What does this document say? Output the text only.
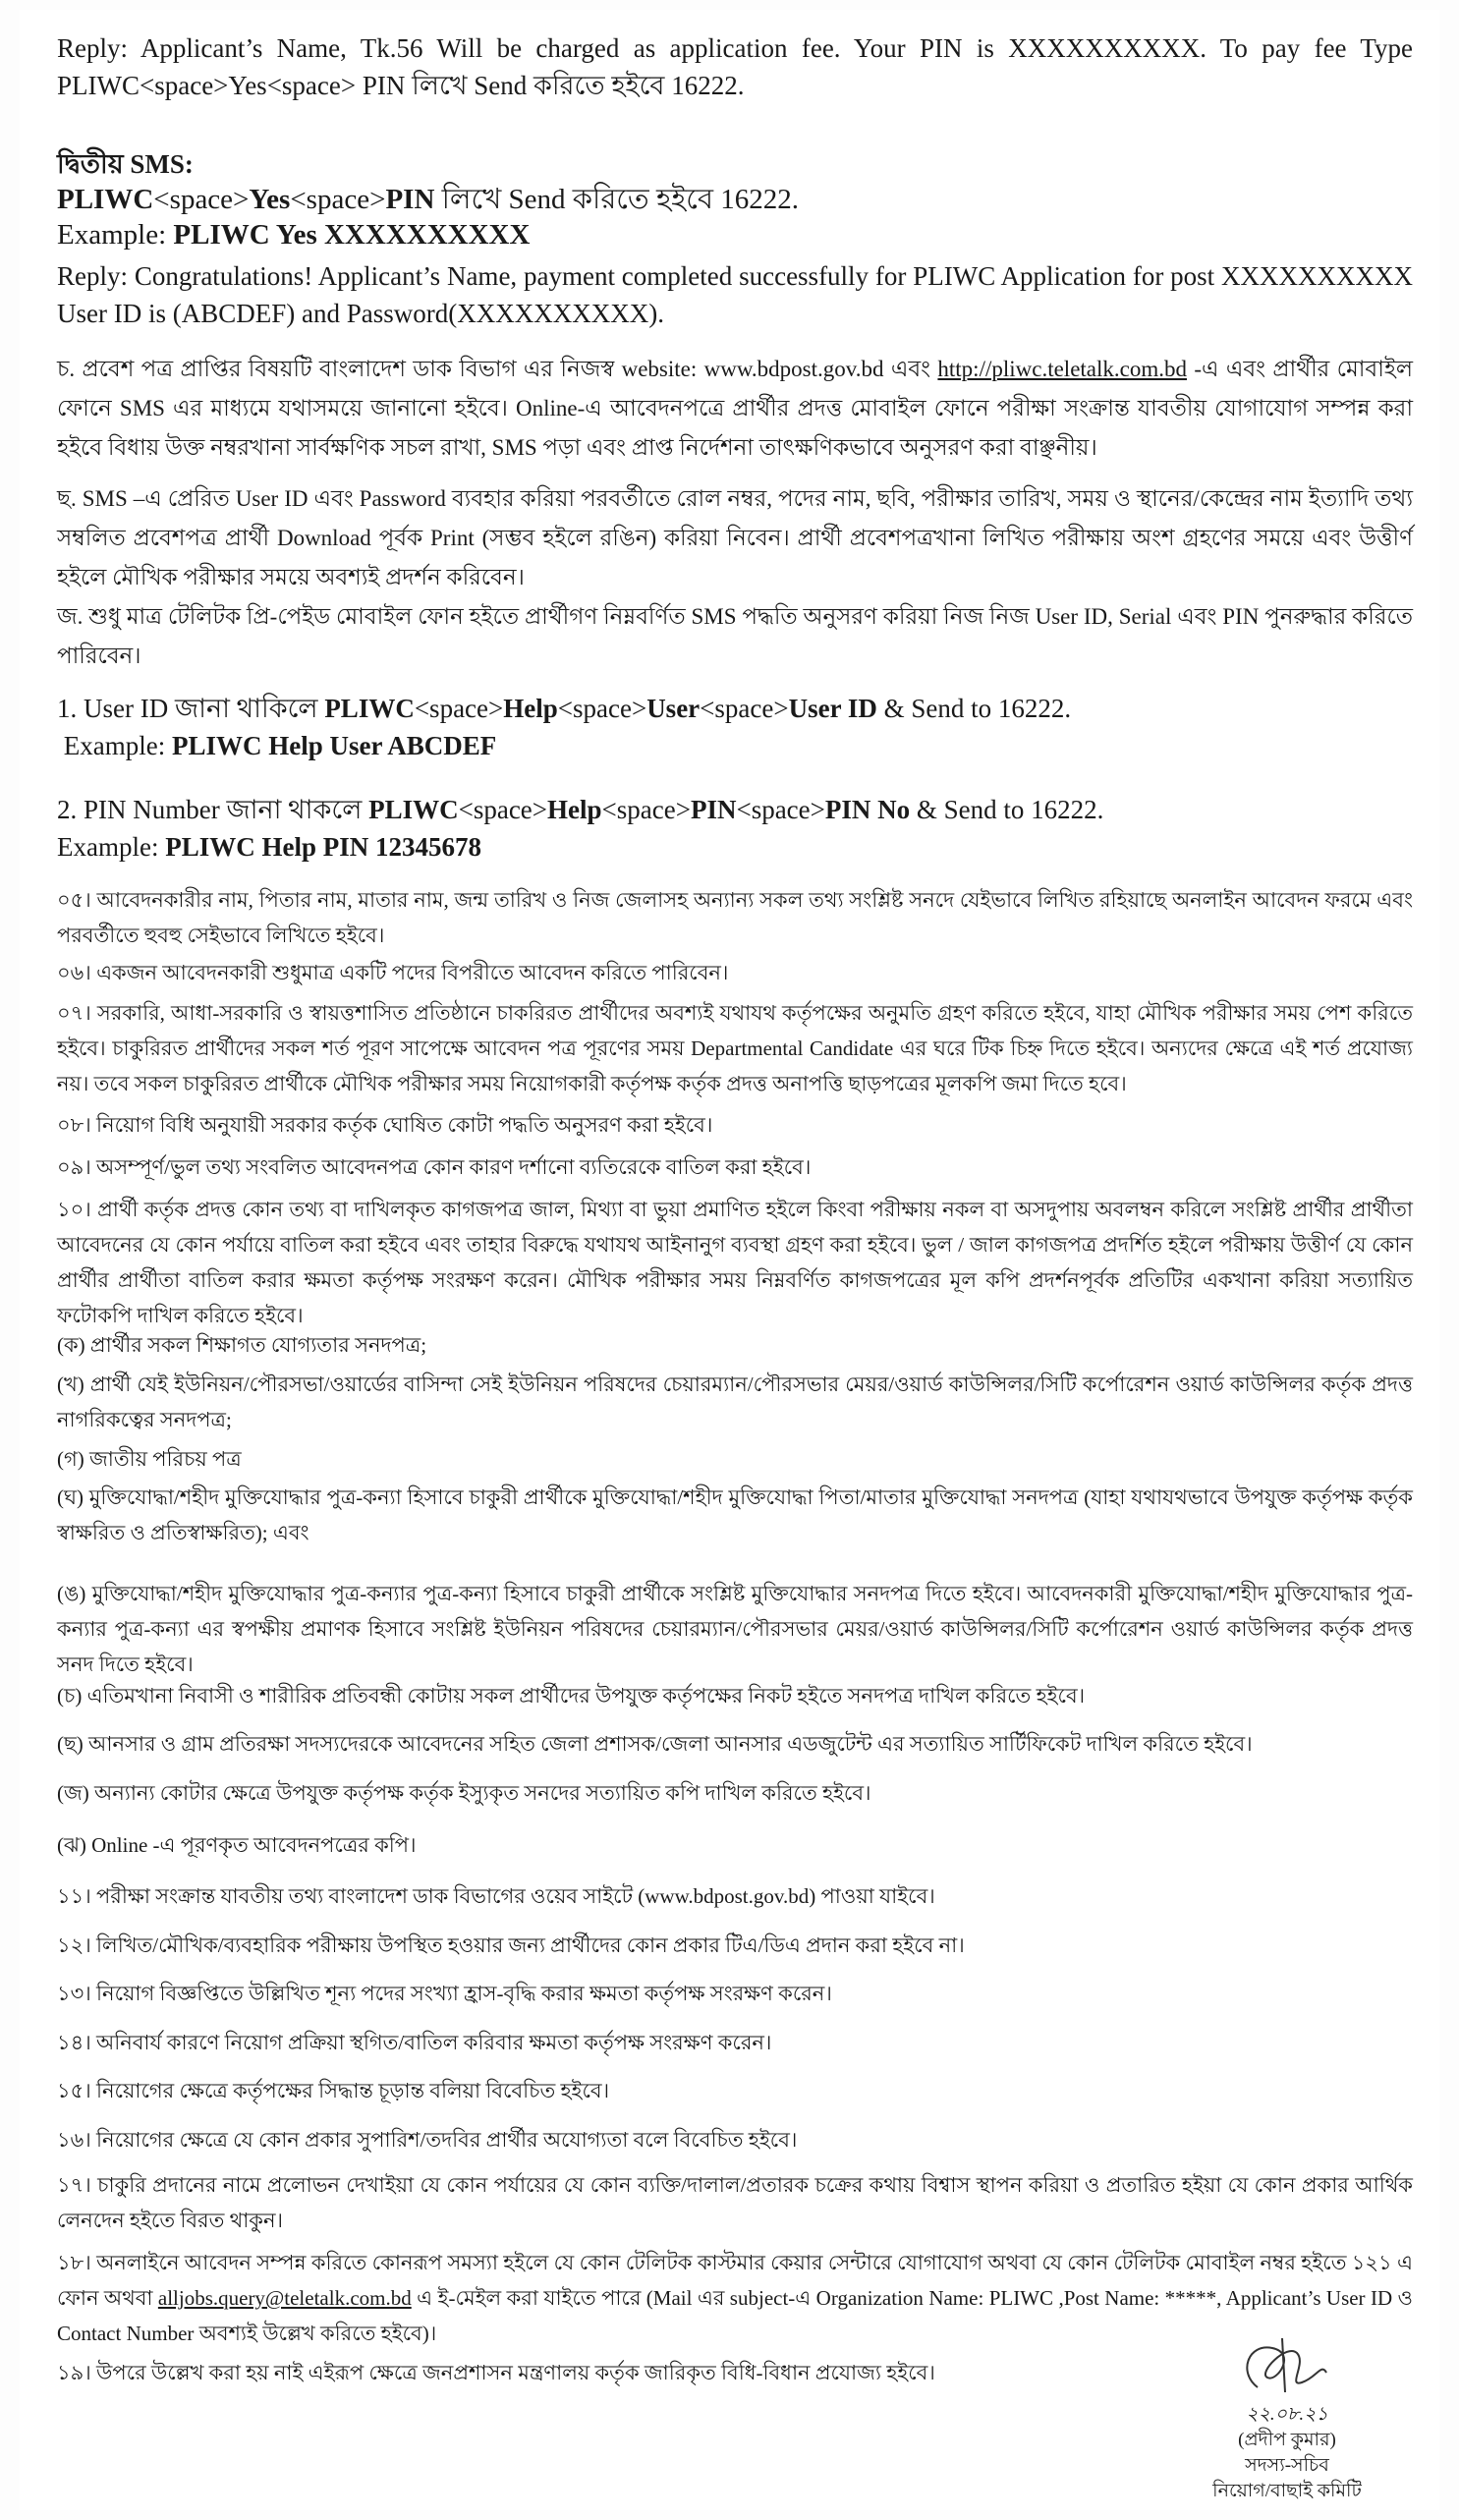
Reply: Applicant’s Name, Tk.56 Will be charged as application fee. Your PIN is XXXXXXXXXX. To pay fee Type PLIWC<space>Yes<space> PIN লিখে Send করিতে হইবে 16222.
দ্বিতীয় SMS:
PLIWC<space>Yes<space>PIN লিখে Send করিতে হইবে 16222.
Example: PLIWC Yes XXXXXXXXXX
Reply: Congratulations! Applicant’s Name, payment completed successfully for PLIWC Application for post XXXXXXXXXX User ID is (ABCDEF) and Password(XXXXXXXXXX).
চ. প্রবেশ পত্র প্রাপ্তির বিষয়টি বাংলাদেশ ডাক বিভাগ এর নিজস্ব website: www.bdpost.gov.bd এবং http://pliwc.teletalk.com.bd -এ এবং প্রার্থীর মোবাইল ফোনে SMS এর মাধ্যমে যথাসময়ে জানানো হইবে। Online-এ আবেদনপত্রে প্রার্থীর প্রদত্ত মোবাইল ফোনে পরীক্ষা সংক্রান্ত যাবতীয় যোগাযোগ সম্পন্ন করা হইবে বিধায় উক্ত নম্বরখানা সার্বক্ষণিক সচল রাখা, SMS পড়া এবং প্রাপ্ত নির্দেশনা তাৎক্ষণিকভাবে অনুসরণ করা বাঞ্ছনীয়।
ছ. SMS –এ প্রেরিত User ID এবং Password ব্যবহার করিয়া পরবর্তীতে রোল নম্বর, পদের নাম, ছবি, পরীক্ষার তারিখ, সময় ও স্থানের/কেন্দ্রের নাম ইত্যাদি তথ্য সম্বলিত প্রবেশপত্র প্রার্থী Download পূর্বক Print (সম্ভব হইলে রঙিন) করিয়া নিবেন। প্রার্থী প্রবেশপত্রখানা লিখিত পরীক্ষায় অংশ গ্রহণের সময়ে এবং উত্তীর্ণ হইলে মৌখিক পরীক্ষার সময়ে অবশ্যই প্রদর্শন করিবেন।
জ. শুধু মাত্র টেলিটক প্রি-পেইড মোবাইল ফোন হইতে প্রার্থীগণ নিম্নবর্ণিত SMS পদ্ধতি অনুসরণ করিয়া নিজ নিজ User ID, Serial এবং PIN পুনরুদ্ধার করিতে পারিবেন।
1. User ID জানা থাকিলে PLIWC<space>Help<space>User<space>User ID & Send to 16222.
Example: PLIWC Help User ABCDEF
2. PIN Number জানা থাকলে PLIWC<space>Help<space>PIN<space>PIN No & Send to 16222.
Example: PLIWC Help PIN 12345678
০৫। আবেদনকারীর নাম, পিতার নাম, মাতার নাম, জন্ম তারিখ ও নিজ জেলাসহ অন্যান্য সকল তথ্য সংশ্লিষ্ট সনদে যেইভাবে লিখিত রহিয়াছে অনলাইন আবেদন ফরমে এবং পরবর্তীতে হুবহু সেইভাবে লিখিতে হইবে।
০৬। একজন আবেদনকারী শুধুমাত্র একটি পদের বিপরীতে আবেদন করিতে পারিবেন।
০৭। সরকারি, আধা-সরকারি ও স্বায়ত্তশাসিত প্রতিষ্ঠানে চাকরিরত প্রার্থীদের অবশ্যই যথাযথ কর্তৃপক্ষের অনুমতি গ্রহণ করিতে হইবে, যাহা মৌখিক পরীক্ষার সময় পেশ করিতে হইবে। চাকুরিরত প্রার্থীদের সকল শর্ত পূরণ সাপেক্ষে আবেদন পত্র পূরণের সময় Departmental Candidate এর ঘরে টিক চিহ্ন দিতে হইবে। অন্যদের ক্ষেত্রে এই শর্ত প্রযোজ্য নয়। তবে সকল চাকুরিরত প্রার্থীকে মৌখিক পরীক্ষার সময় নিয়োগকারী কর্তৃপক্ষ কর্তৃক প্রদত্ত অনাপত্তি ছাড়পত্রের মূলকপি জমা দিতে হবে।
০৮। নিয়োগ বিধি অনুযায়ী সরকার কর্তৃক ঘোষিত কোটা পদ্ধতি অনুসরণ করা হইবে।
০৯। অসম্পূর্ণ/ভুল তথ্য সংবলিত আবেদনপত্র কোন কারণ দর্শানো ব্যতিরেকে বাতিল করা হইবে।
১০। প্রার্থী কর্তৃক প্রদত্ত কোন তথ্য বা দাখিলকৃত কাগজপত্র জাল, মিথ্যা বা ভুয়া প্রমাণিত হইলে কিংবা পরীক্ষায় নকল বা অসদুপায় অবলম্বন করিলে সংশ্লিষ্ট প্রার্থীর প্রার্থীতা আবেদনের যে কোন পর্যায়ে বাতিল করা হইবে এবং তাহার বিরুদ্ধে যথাযথ আইনানুগ ব্যবস্থা গ্রহণ করা হইবে। ভুল / জাল কাগজপত্র প্রদর্শিত হইলে পরীক্ষায় উত্তীর্ণ যে কোন প্রার্থীর প্রার্থীতা বাতিল করার ক্ষমতা কর্তৃপক্ষ সংরক্ষণ করেন। মৌখিক পরীক্ষার সময় নিম্নবর্ণিত কাগজপত্রের মূল কপি প্রদর্শনপূর্বক প্রতিটির একখানা করিয়া সত্যায়িত ফটোকপি দাখিল করিতে হইবে।
(ক) প্রার্থীর সকল শিক্ষাগত যোগ্যতার সনদপত্র;
(খ) প্রার্থী যেই ইউনিয়ন/পৌরসভা/ওয়ার্ডের বাসিন্দা সেই ইউনিয়ন পরিষদের চেয়ারম্যান/পৌরসভার মেয়র/ওয়ার্ড কাউন্সিলর/সিটি কর্পোরেশন ওয়ার্ড কাউন্সিলর কর্তৃক প্রদত্ত নাগরিকত্বের সনদপত্র;
(গ) জাতীয় পরিচয় পত্র
(ঘ) মুক্তিযোদ্ধা/শহীদ মুক্তিযোদ্ধার পুত্র-কন্যা হিসাবে চাকুরী প্রার্থীকে মুক্তিযোদ্ধা/শহীদ মুক্তিযোদ্ধা পিতা/মাতার মুক্তিযোদ্ধা সনদপত্র (যাহা যথাযথভাবে উপযুক্ত কর্তৃপক্ষ কর্তৃক স্বাক্ষরিত ও প্রতিস্বাক্ষরিত); এবং
(ঙ) মুক্তিযোদ্ধা/শহীদ মুক্তিযোদ্ধার পুত্র-কন্যার পুত্র-কন্যা হিসাবে চাকুরী প্রার্থীকে সংশ্লিষ্ট মুক্তিযোদ্ধার সনদপত্র দিতে হইবে। আবেদনকারী মুক্তিযোদ্ধা/শহীদ মুক্তিযোদ্ধার পুত্র-কন্যার পুত্র-কন্যা এর স্বপক্ষীয় প্রমাণক হিসাবে সংশ্লিষ্ট ইউনিয়ন পরিষদের চেয়ারম্যান/পৌরসভার মেয়র/ওয়ার্ড কাউন্সিলর/সিটি কর্পোরেশন ওয়ার্ড কাউন্সিলর কর্তৃক প্রদত্ত সনদ দিতে হইবে।
(চ) এতিমখানা নিবাসী ও শারীরিক প্রতিবন্ধী কোটায় সকল প্রার্থীদের উপযুক্ত কর্তৃপক্ষের নিকট হইতে সনদপত্র দাখিল করিতে হইবে।
(ছ) আনসার ও গ্রাম প্রতিরক্ষা সদস্যদেরকে আবেদনের সহিত জেলা প্রশাসক/জেলা আনসার এডজুটেন্ট এর সত্যায়িত সার্টিফিকেট দাখিল করিতে হইবে।
(জ) অন্যান্য কোটার ক্ষেত্রে উপযুক্ত কর্তৃপক্ষ কর্তৃক ইস্যুকৃত সনদের সত্যায়িত কপি দাখিল করিতে হইবে।
(ঝ) Online -এ পূরণকৃত আবেদনপত্রের কপি।
১১। পরীক্ষা সংক্রান্ত যাবতীয় তথ্য বাংলাদেশ ডাক বিভাগের ওয়েব সাইটে (www.bdpost.gov.bd) পাওয়া যাইবে।
১২। লিখিত/মৌখিক/ব্যবহারিক পরীক্ষায় উপস্থিত হওয়ার জন্য প্রার্থীদের কোন প্রকার টিএ/ডিএ প্রদান করা হইবে না।
১৩। নিয়োগ বিজ্ঞপ্তিতে উল্লিখিত শূন্য পদের সংখ্যা হ্রাস-বৃদ্ধি করার ক্ষমতা কর্তৃপক্ষ সংরক্ষণ করেন।
১৪। অনিবার্য কারণে নিয়োগ প্রক্রিয়া স্থগিত/বাতিল করিবার ক্ষমতা কর্তৃপক্ষ সংরক্ষণ করেন।
১৫। নিয়োগের ক্ষেত্রে কর্তৃপক্ষের সিদ্ধান্ত চূড়ান্ত বলিয়া বিবেচিত হইবে।
১৬। নিয়োগের ক্ষেত্রে যে কোন প্রকার সুপারিশ/তদবির প্রার্থীর অযোগ্যতা বলে বিবেচিত হইবে।
১৭। চাকুরি প্রদানের নামে প্রলোভন দেখাইয়া যে কোন পর্যায়ের যে কোন ব্যক্তি/দালাল/প্রতারক চক্রের কথায় বিশ্বাস স্থাপন করিয়া ও প্রতারিত হইয়া যে কোন প্রকার আর্থিক লেনদেন হইতে বিরত থাকুন।
১৮। অনলাইনে আবেদন সম্পন্ন করিতে কোনরূপ সমস্যা হইলে যে কোন টেলিটক কাস্টমার কেয়ার সেন্টারে যোগাযোগ অথবা যে কোন টেলিটক মোবাইল নম্বর হইতে ১২১ এ ফোন অথবা alljobs.query@teletalk.com.bd এ ই-মেইল করা যাইতে পারে (Mail এর subject-এ Organization Name: PLIWC ,Post Name: *****, Applicant’s User ID ও Contact Number অবশ্যই উল্লেখ করিতে হইবে)।
১৯। উপরে উল্লেখ করা হয় নাই এইরূপ ক্ষেত্রে জনপ্রশাসন মন্ত্রণালয় কর্তৃক জারিকৃত বিধি-বিধান প্রযোজ্য হইবে।
২২.০৮.২১
(প্রদীপ কুমার)
সদস্য-সচিব
নিয়োগ/বাছাই কমিটি
